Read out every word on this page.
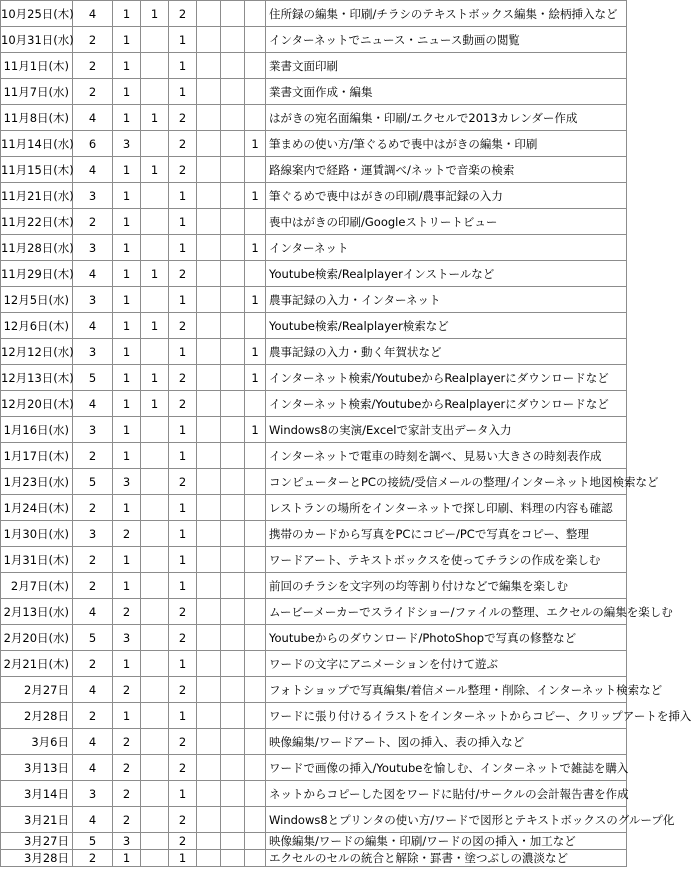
10月25日(木)	4	1	1	2				住所録の編集・印刷/チラシのテキストボックス編集・絵柄挿入など
10月31日(水)	2	1		1				インターネットでニュース・ニュース動画の閲覧
11月1日(木)	2	1		1				業書文面印刷
11月7日(水)	2	1		1				業書文面作成・編集
11月8日(木)	4	1	1	2				はがきの宛名面編集・印刷/エクセルで2013カレンダー作成
11月14日(水)	6	3		2			1	筆まめの使い方/筆ぐるめで喪中はがきの編集・印刷
11月15日(木)	4	1	1	2				路線案内で経路・運賃調べ/ネットで音楽の検索
11月21日(水)	3	1		1			1	筆ぐるめで喪中はがきの印刷/農事記録の入力
11月22日(木)	2	1		1				喪中はがきの印刷/Googleストリートビュー
11月28日(水)	3	1		1			1	インターネット
11月29日(木)	4	1	1	2				Youtube検索/Realplayerインストールなど
12月5日(水)	3	1		1			1	農事記録の入力・インターネット
12月6日(木)	4	1	1	2				Youtube検索/Realplayer検索など
12月12日(水)	3	1		1			1	農事記録の入力・動く年賀状など
12月13日(木)	5	1	1	2			1	インターネット検索/YoutubeからRealplayerにダウンロードなど
12月20日(木)	4	1	1	2				インターネット検索/YoutubeからRealplayerにダウンロードなど
1月16日(水)	3	1		1			1	Windows8の実演/Excelで家計支出データ入力
1月17日(木)	2	1		1				インターネットで電車の時刻を調べ、見易い大きさの時刻表作成
1月23日(水)	5	3		2				コンピューターとPCの接続/受信メールの整理/インターネット地図検索など
1月24日(木)	2	1		1				レストランの場所をインターネットで探し印刷、料理の内容も確認
1月30日(水)	3	2		1				携帯のカードから写真をPCにコピー/PCで写真をコピー、整理
1月31日(木)	2	1		1				ワードアート、テキストボックスを使ってチラシの作成を楽しむ
2月7日(木)	2	1		1				前回のチラシを文字列の均等割り付けなどで編集を楽しむ
2月13日(水)	4	2		2				ムービーメーカーでスライドショー/ファイルの整理、エクセルの編集を楽しむ
2月20日(水)	5	3		2				Youtubeからのダウンロード/PhotoShopで写真の修整など
2月21日(木)	2	1		1				ワードの文字にアニメーションを付けて遊ぶ
2月27日	4	2		2				フォトショップで写真編集/着信メール整理・削除、インターネット検索など
2月28日	2	1		1				ワードに張り付けるイラストをインターネットからコピー、クリップアートを挿入
3月6日	4	2		2				映像編集/ワードアート、図の挿入、表の挿入など
3月13日	4	2		2				ワードで画像の挿入/Youtubeを愉しむ、インターネットで雑誌を購入
3月14日	3	2		1				ネットからコピーした図をワードに貼付/サークルの会計報告書を作成
3月21日	4	2		2				Windows8とプリンタの使い方/ワードで図形とテキストボックスのグループ化
3月27日	5	3		2				映像編集/ワードの編集・印刷/ワードの図の挿入・加工など
3月28日	2	1		1				エクセルのセルの統合と解除・罫書・塗つぶしの濃淡など
